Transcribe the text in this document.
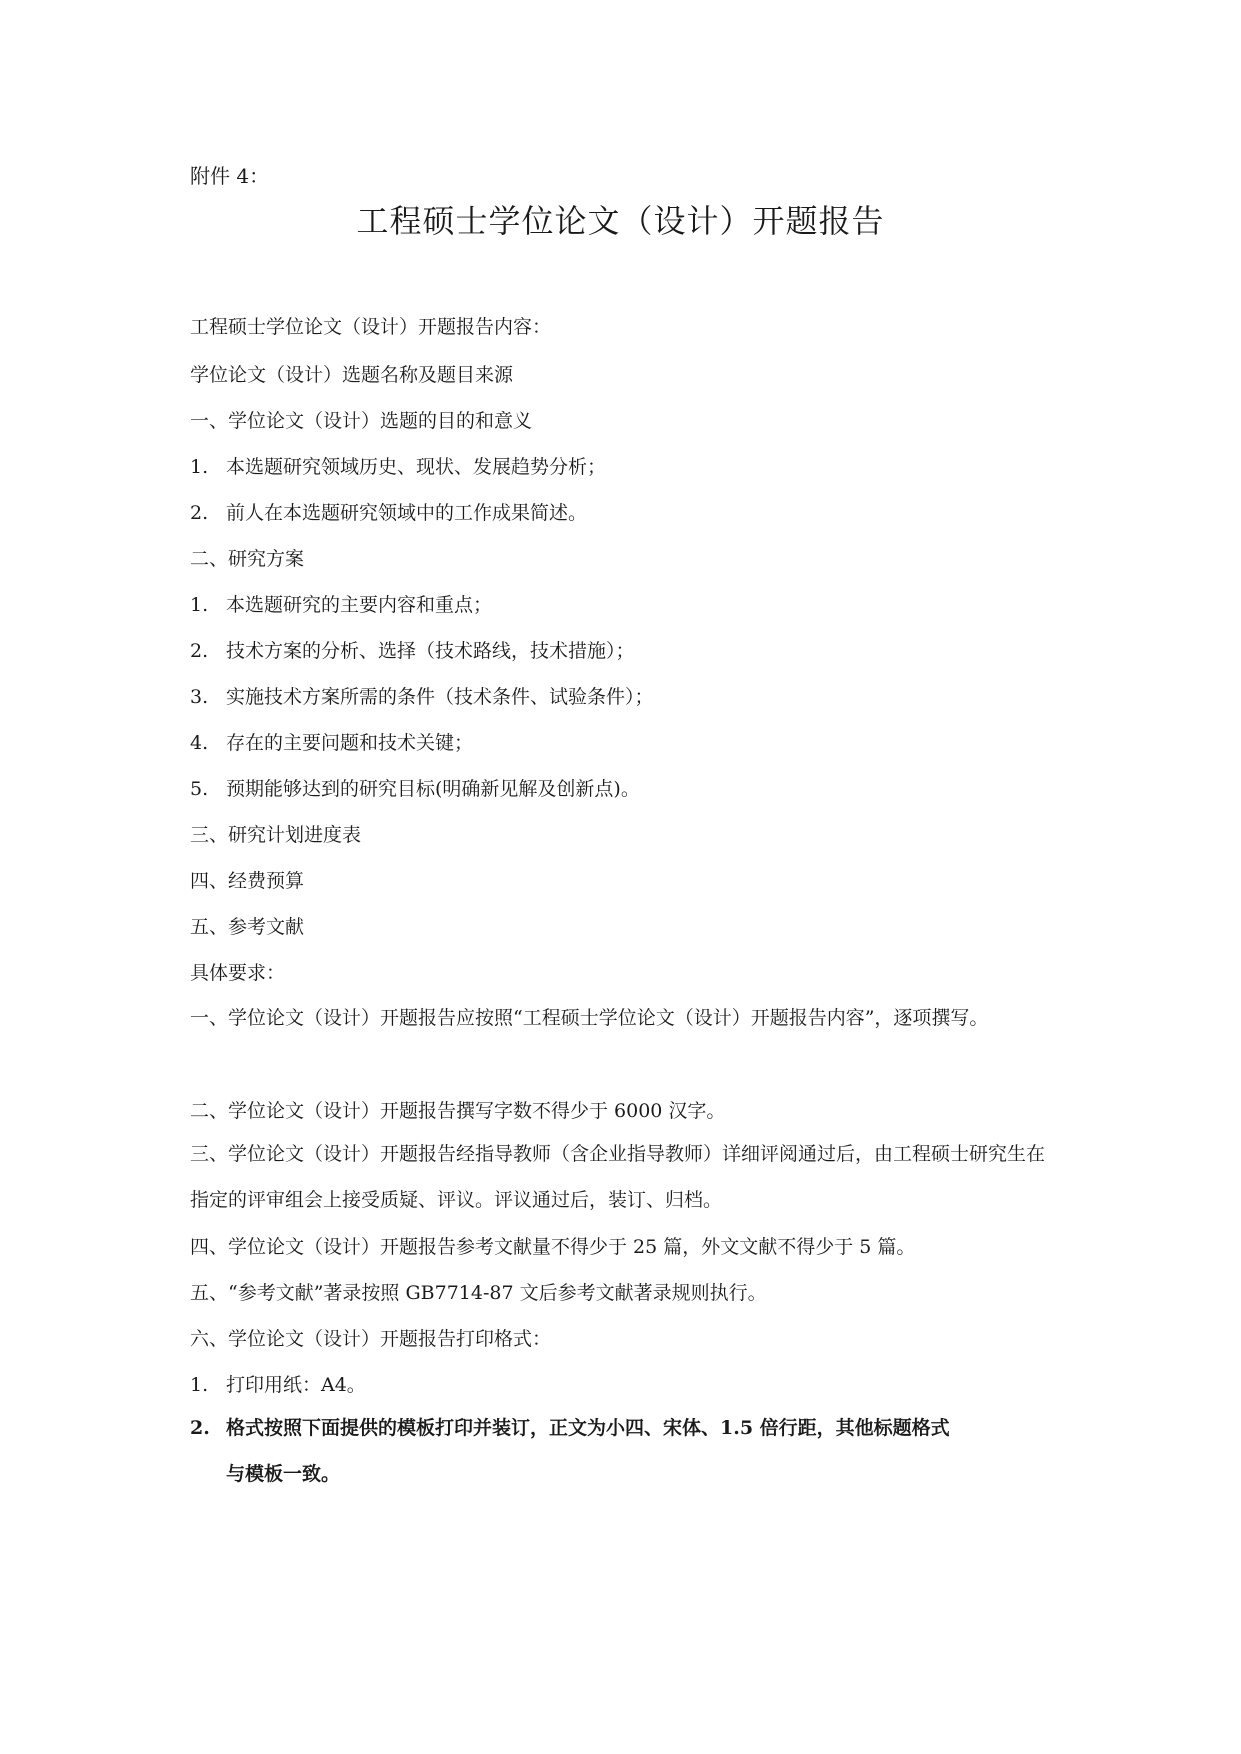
附件 4：
工程硕士学位论文（设计）开题报告
工程硕士学位论文（设计）开题报告内容：
学位论文（设计）选题名称及题目来源
一、学位论文（设计）选题的目的和意义
1. 本选题研究领域历史、现状、发展趋势分析；
2. 前人在本选题研究领域中的工作成果简述。
二、研究方案
1. 本选题研究的主要内容和重点；
2. 技术方案的分析、选择（技术路线，技术措施）；
3. 实施技术方案所需的条件（技术条件、试验条件）；
4. 存在的主要问题和技术关键；
5. 预期能够达到的研究目标(明确新见解及创新点)。
三、研究计划进度表
四、经费预算
五、参考文献
具体要求：
一、学位论文（设计）开题报告应按照“工程硕士学位论文（设计）开题报告内容”，逐项撰写。
二、学位论文（设计）开题报告撰写字数不得少于 6000 汉字。
三、学位论文（设计）开题报告经指导教师（含企业指导教师）详细评阅通过后，由工程硕士研究生在指定的评审组会上接受质疑、评议。评议通过后，装订、归档。
四、学位论文（设计）开题报告参考文献量不得少于 25 篇，外文文献不得少于 5 篇。
五、“参考文献”著录按照 GB7714-87 文后参考文献著录规则执行。
六、学位论文（设计）开题报告打印格式：
1. 打印用纸：A4。
2. 格式按照下面提供的模板打印并装订，正文为小四、宋体、1.5 倍行距，其他标题格式
与模板一致。
